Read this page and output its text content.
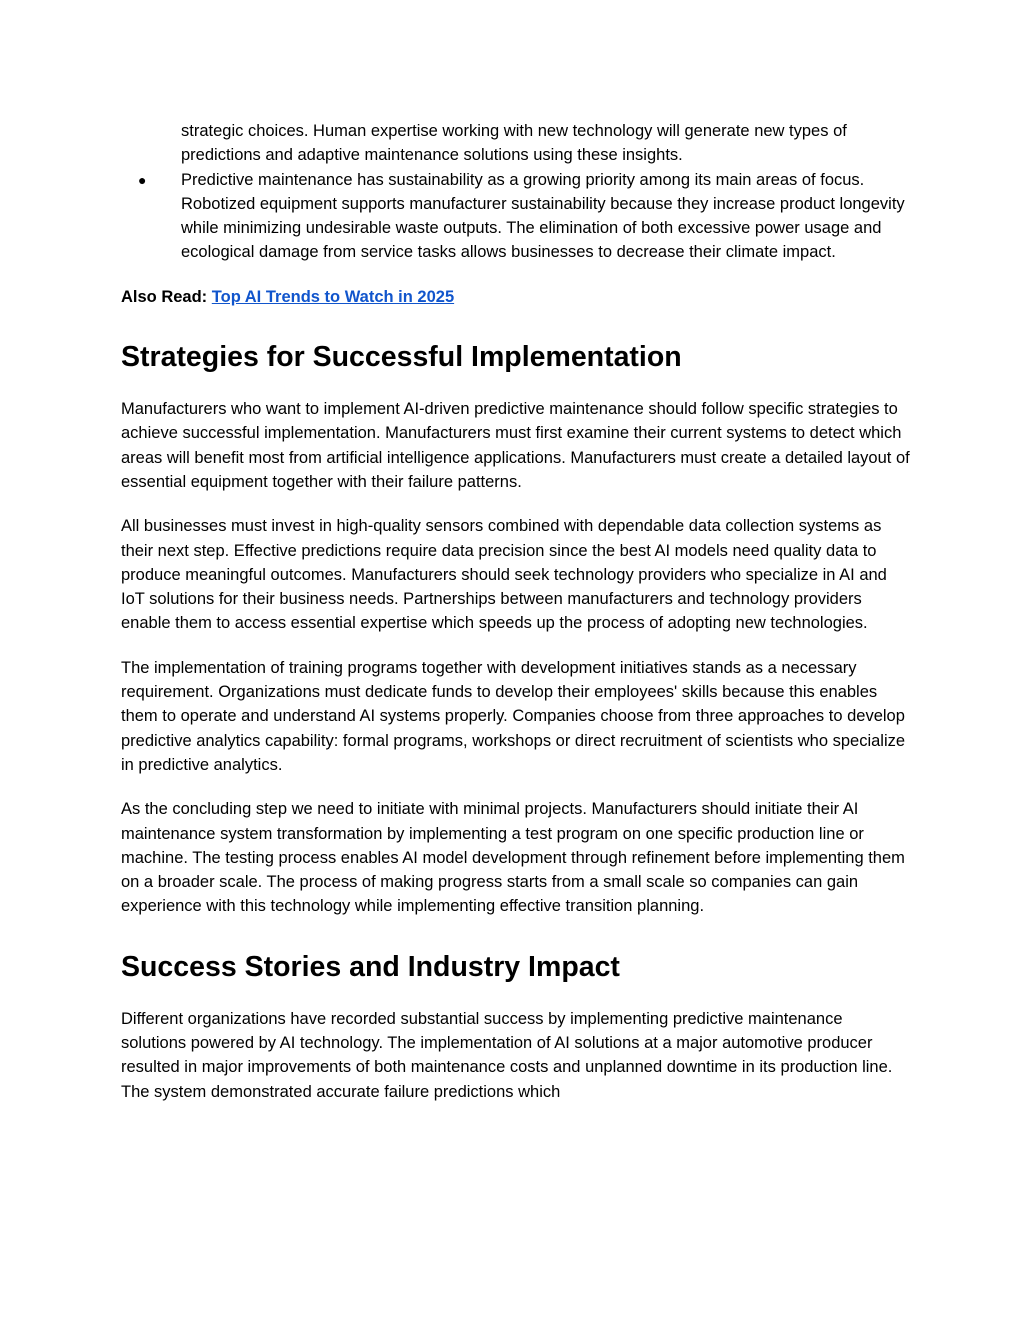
strategic choices. Human expertise working with new technology will generate new types of predictions and adaptive maintenance solutions using these insights.
● Predictive maintenance has sustainability as a growing priority among its main areas of focus. Robotized equipment supports manufacturer sustainability because they increase product longevity while minimizing undesirable waste outputs. The elimination of both excessive power usage and ecological damage from service tasks allows businesses to decrease their climate impact.
Also Read: Top AI Trends to Watch in 2025
Strategies for Successful Implementation

Manufacturers who want to implement AI-driven predictive maintenance should follow specific strategies to achieve successful implementation. Manufacturers must first examine their current systems to detect which areas will benefit most from artificial intelligence applications. Manufacturers must create a detailed layout of essential equipment together with their failure patterns.

All businesses must invest in high-quality sensors combined with dependable data collection systems as their next step. Effective predictions require data precision since the best AI models need quality data to produce meaningful outcomes. Manufacturers should seek technology providers who specialize in AI and IoT solutions for their business needs. Partnerships between manufacturers and technology providers enable them to access essential expertise which speeds up the process of adopting new technologies.

The implementation of training programs together with development initiatives stands as a necessary requirement. Organizations must dedicate funds to develop their employees' skills because this enables them to operate and understand AI systems properly. Companies choose from three approaches to develop predictive analytics capability: formal programs, workshops or direct recruitment of scientists who specialize in predictive analytics.

As the concluding step we need to initiate with minimal projects. Manufacturers should initiate their AI maintenance system transformation by implementing a test program on one specific production line or machine. The testing process enables AI model development through refinement before implementing them on a broader scale. The process of making progress starts from a small scale so companies can gain experience with this technology while implementing effective transition planning.

Success Stories and Industry Impact

Different organizations have recorded substantial success by implementing predictive maintenance solutions powered by AI technology. The implementation of AI solutions at a major automotive producer resulted in major improvements of both maintenance costs and unplanned downtime in its production line. The system demonstrated accurate failure predictions which
